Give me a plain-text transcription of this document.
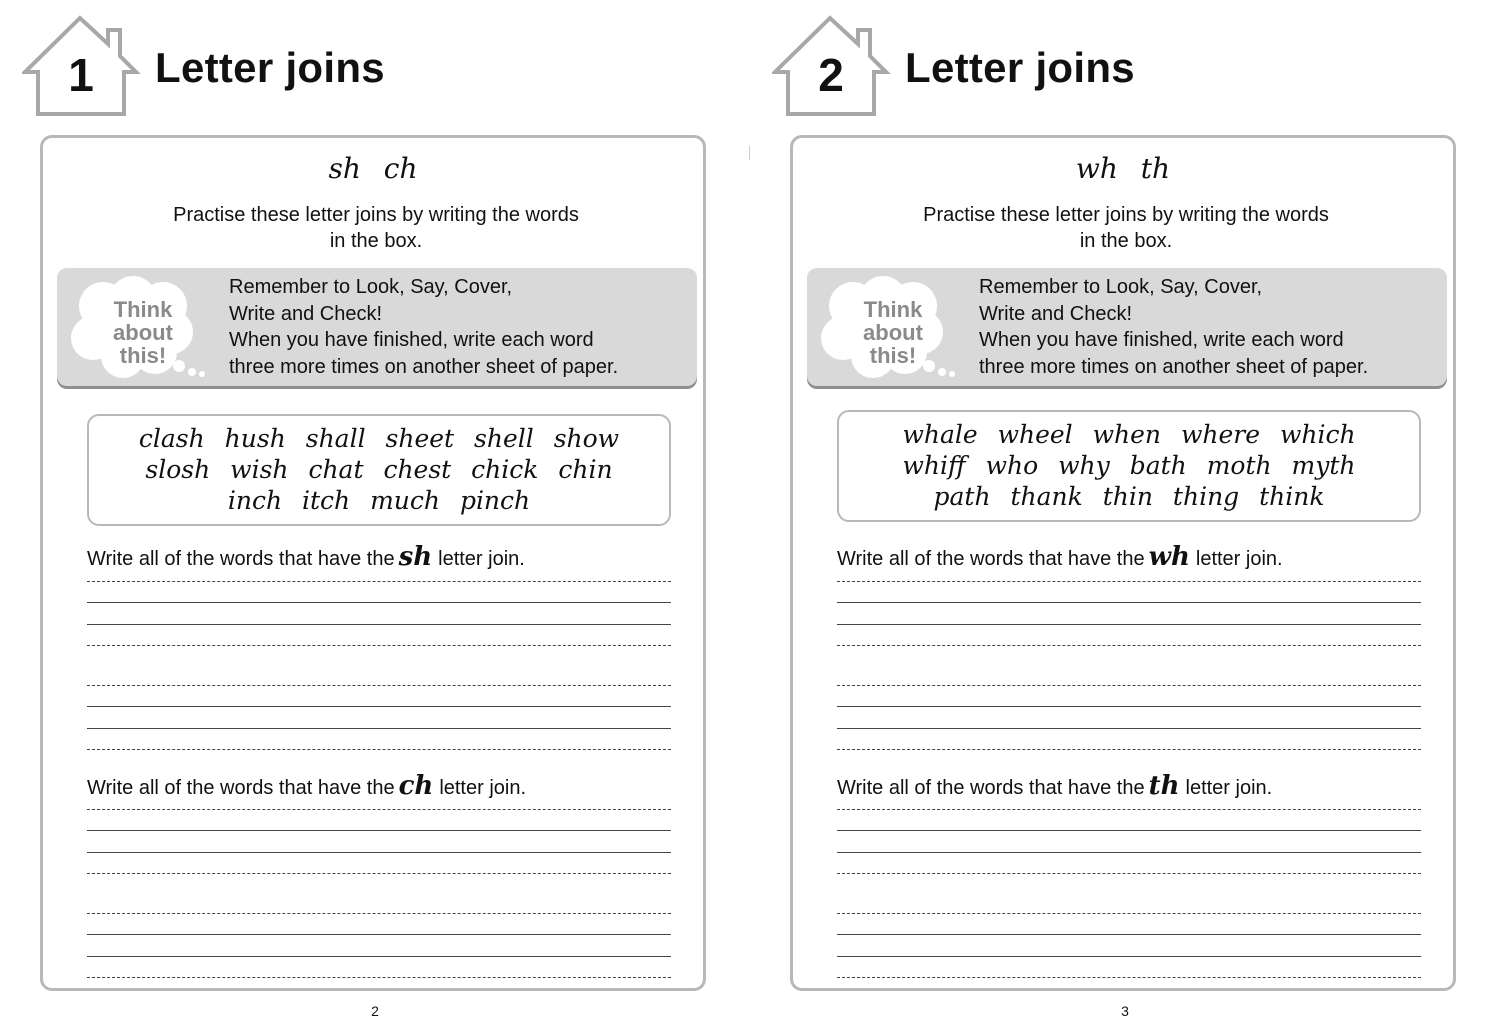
1	Letter joins
sh ch
Practise these letter joins by writing the words
in the box.
Think
about
this!
Remember to Look, Say, Cover,
Write and Check!
When you have finished, write each word
three more times on another sheet of paper.
clash hush shall sheet shell show
slosh wish chat chest chick chin
inch itch much pinch
Write all of the words that have the sh letter join.
Write all of the words that have the ch letter join.
2
2	Letter joins
wh th
Practise these letter joins by writing the words
in the box.
Think
about
this!
Remember to Look, Say, Cover,
Write and Check!
When you have finished, write each word
three more times on another sheet of paper.
whale wheel when where which
whiff who why bath moth myth
path thank thin thing think
Write all of the words that have the wh letter join.
Write all of the words that have the th letter join.
3
